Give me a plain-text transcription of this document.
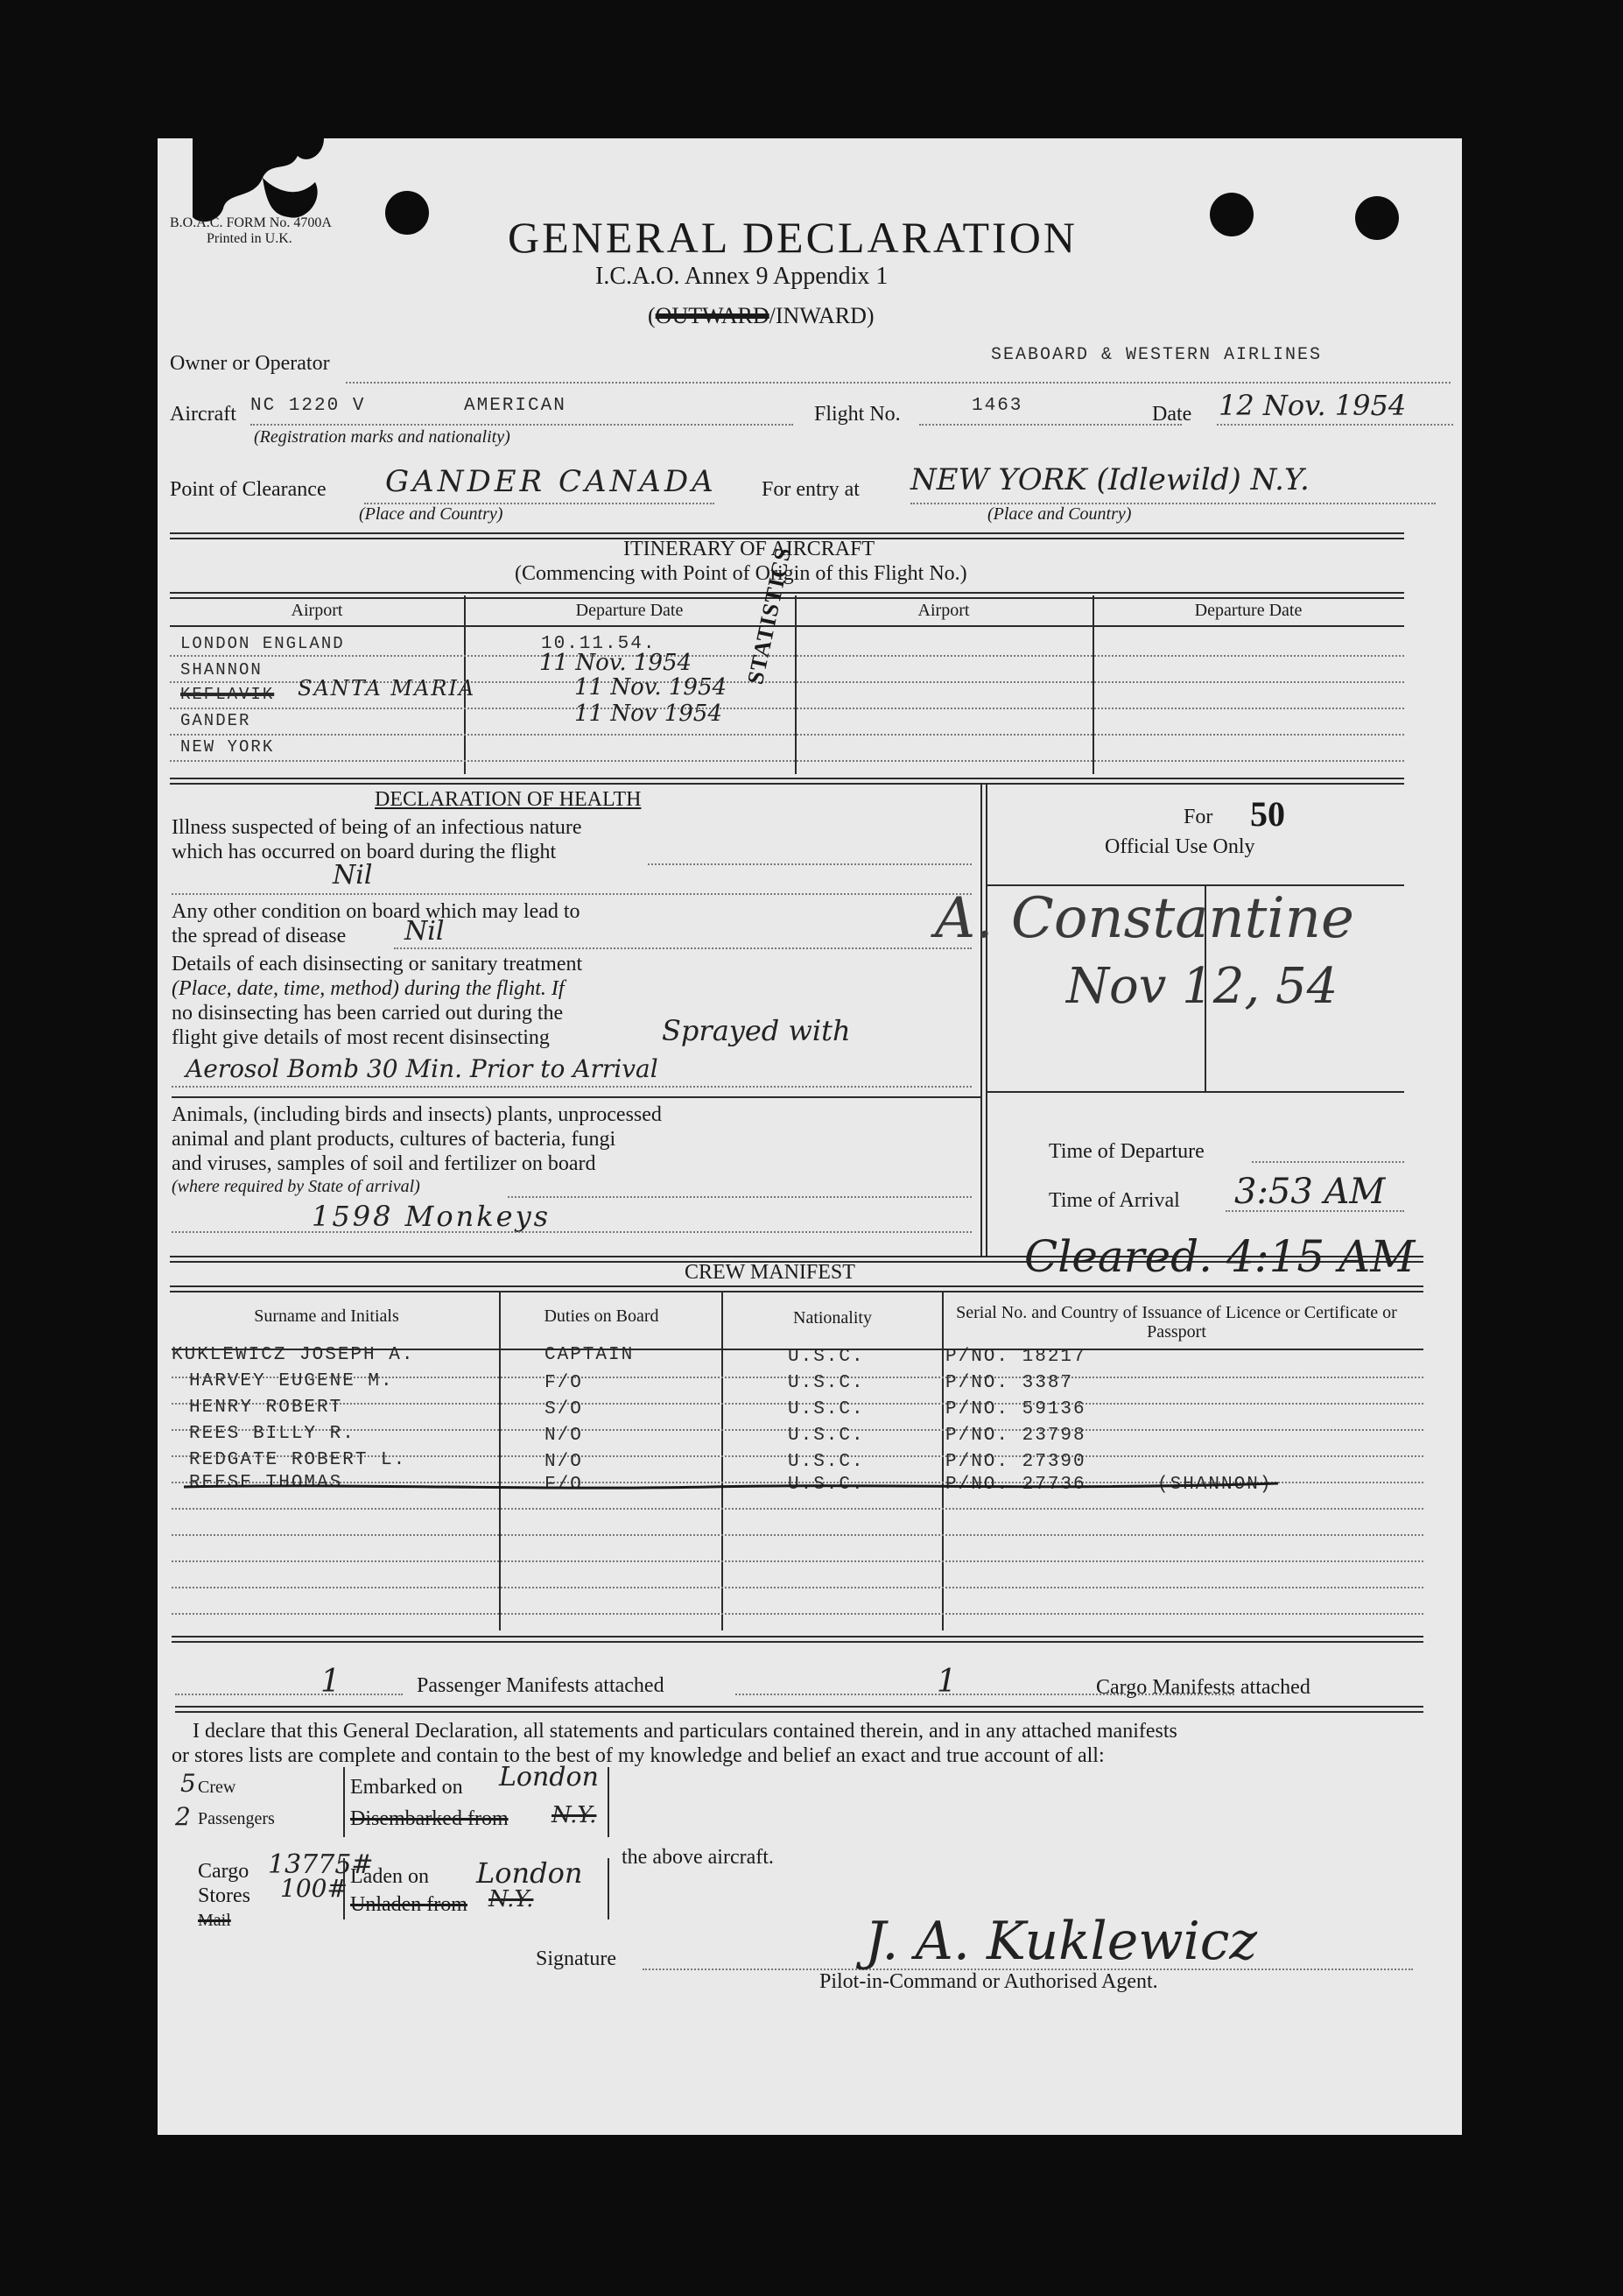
B.O.A.C. FORM No. 4700A
Printed in U.K.	GENERAL DECLARATION
I.C.A.O. Annex 9 Appendix 1
(OUTWARD/INWARD)
Owner or Operator	SEABOARD & WESTERN AIRLINES
Aircraft NC 1220 V	AMERICAN
(Registration marks and nationality)
Flight No.	1463	Date 12 Nov. 1954
Point of Clearance GANDER CANADA
(Place and Country)
For entry at NEW YORK (Idlewild) N.Y.
(Place and Country)
ITINERARY OF AIRCRAFT
(Commencing with Point of Origin of this Flight No.)
Airport	Departure Date	Airport	Departure Date
LONDON ENGLAND	10.11.54.
SHANNON	11 Nov. 1954
KEFLAVIK SANTA MARIA	11 Nov. 1954
GANDER	11 Nov 1954
NEW YORK
STATISTICS
DECLARATION OF HEALTH
Illness suspected of being of an infectious nature
which has occurred on board during the flight
Nil
Any other condition on board which may lead to
the spread of disease Nil
Details of each disinsecting or sanitary treatment
(Place, date, time, method) during the flight. If
no disinsecting has been carried out during the
flight give details of most recent disinsecting	Sprayed with
Aerosol Bomb 30 Min. Prior to Arrival
Animals, (including birds and insects) plants, unprocessed
animal and plant products, cultures of bacteria, fungi
and viruses, samples of soil and fertilizer on board
(where required by State of arrival)
1598 Monkeys
For 50
Official Use Only
A. Constantine
Nov 12, 54
Time of Departure
Time of Arrival 3:53 AM
CREW MANIFEST	Cleared. 4:15 AM
Surname and Initials	Duties on Board	Nationality	Serial No. and Country of Issuance of Licence or Certificate or Passport
KUKLEWICZ JOSEPH A.	CAPTAIN	U.S.C.	P/NO. 18217
HARVEY EUGENE M.	F/O	U.S.C.	P/NO. 3387
HENRY ROBERT	S/O	U.S.C.	P/NO. 59136
REES BILLY R.	N/O	U.S.C.	P/NO. 23798
REDGATE ROBERT L.	N/O	U.S.C.	P/NO. 27390
REESE THOMAS	F/O	U.S.C.	P/NO. 27736	(SHANNON)
1	Passenger Manifests attached	1	Cargo Manifests attached
I declare that this General Declaration, all statements and particulars contained therein, and in any attached manifests
or stores lists are complete and contain to the best of my knowledge and belief an exact and true account of all:
5 Crew
2 Passengers
Cargo 13775#
Stores 100#
Mail
Embarked on London
Disembarked from N.Y.
the above aircraft.
Laden on London
Unladen from N.Y.
Signature	J. A. Kuklewicz
Pilot-in-Command or Authorised Agent.
